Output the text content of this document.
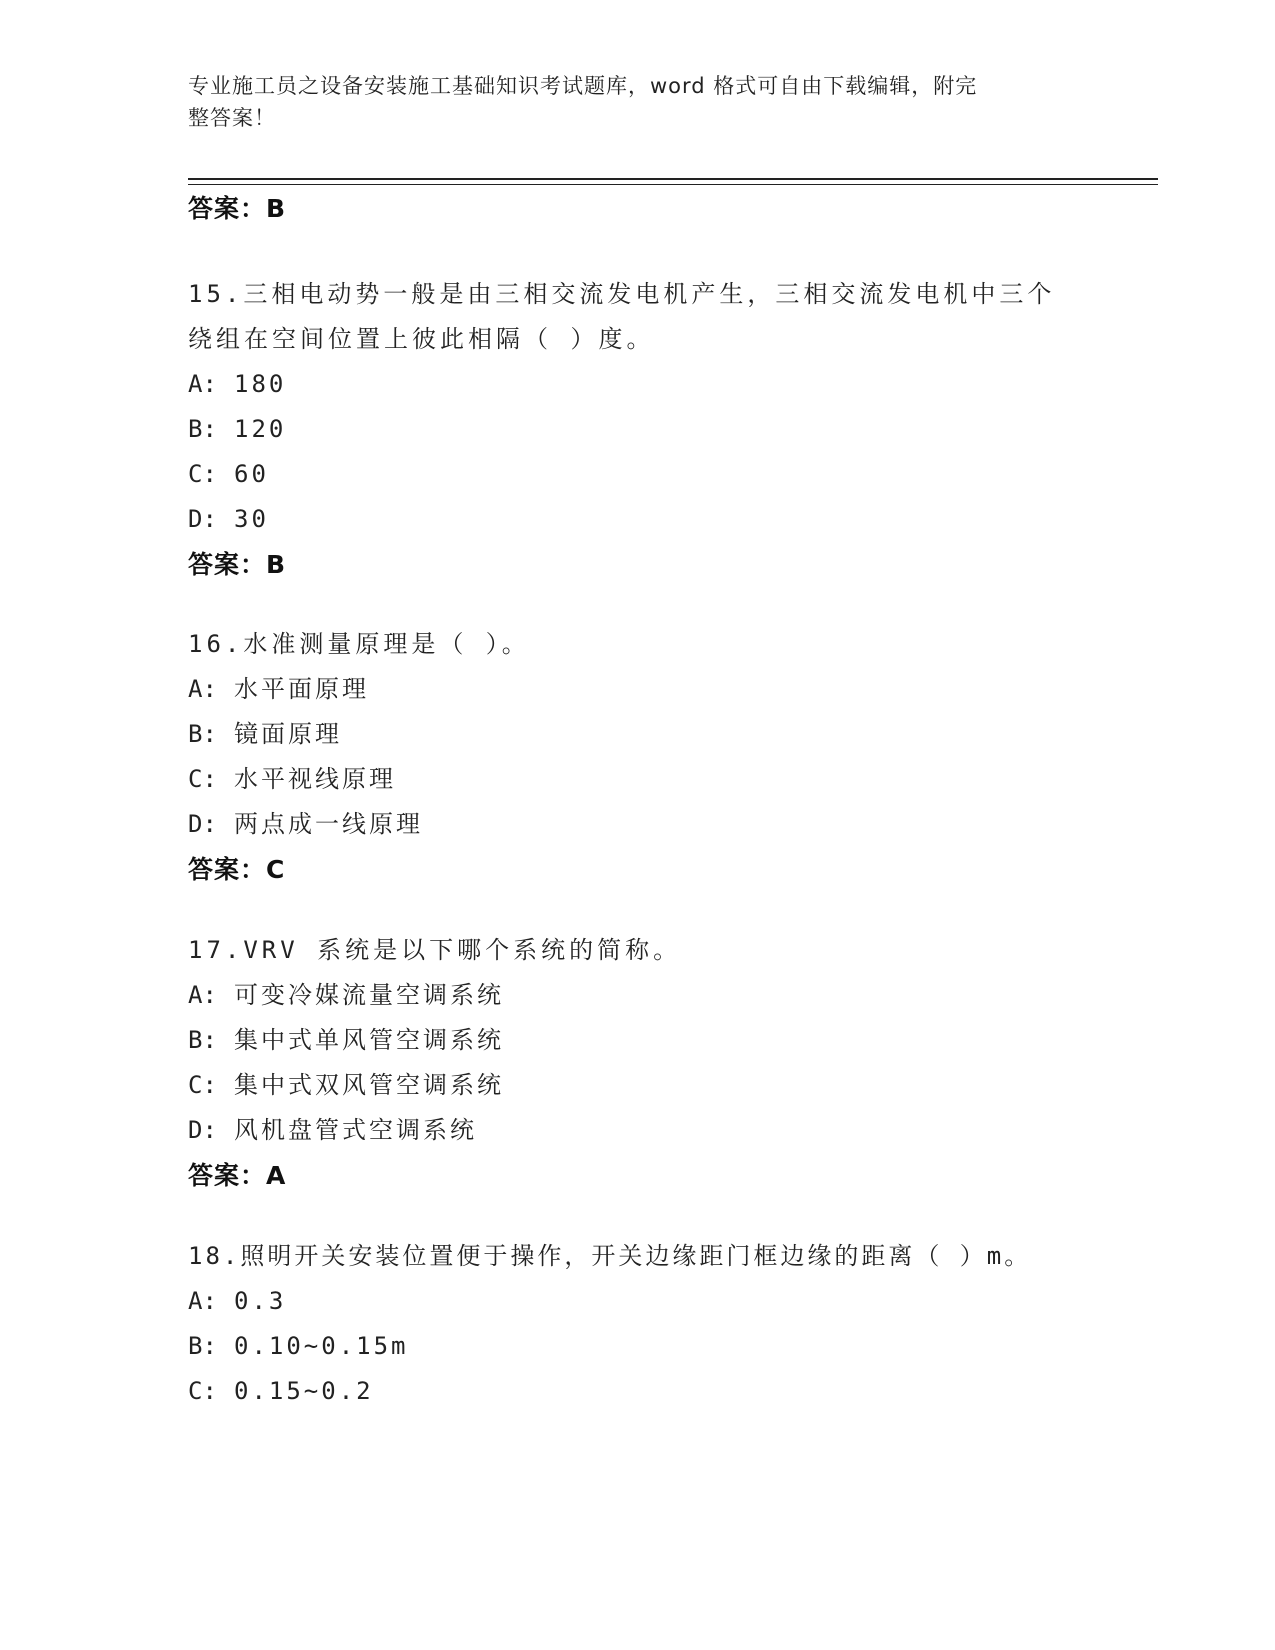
专业施工员之设备安装施工基础知识考试题库，word 格式可自由下载编辑，附完
整答案！

答案：B

15.三相电动势一般是由三相交流发电机产生，三相交流发电机中三个

绕组在空间位置上彼此相隔（ ）度。

A: 180

B: 120

C: 60

D: 30

答案：B

16.水准测量原理是（ ）。

A: 水平面原理

B: 镜面原理

C: 水平视线原理

D: 两点成一线原理

答案：C

17.VRV 系统是以下哪个系统的简称。

A: 可变冷媒流量空调系统

B: 集中式单风管空调系统

C: 集中式双风管空调系统

D: 风机盘管式空调系统

答案：A

18.照明开关安装位置便于操作，开关边缘距门框边缘的距离（ ）m。

A: 0.3

B: 0.10~0.15m

C: 0.15~0.2
